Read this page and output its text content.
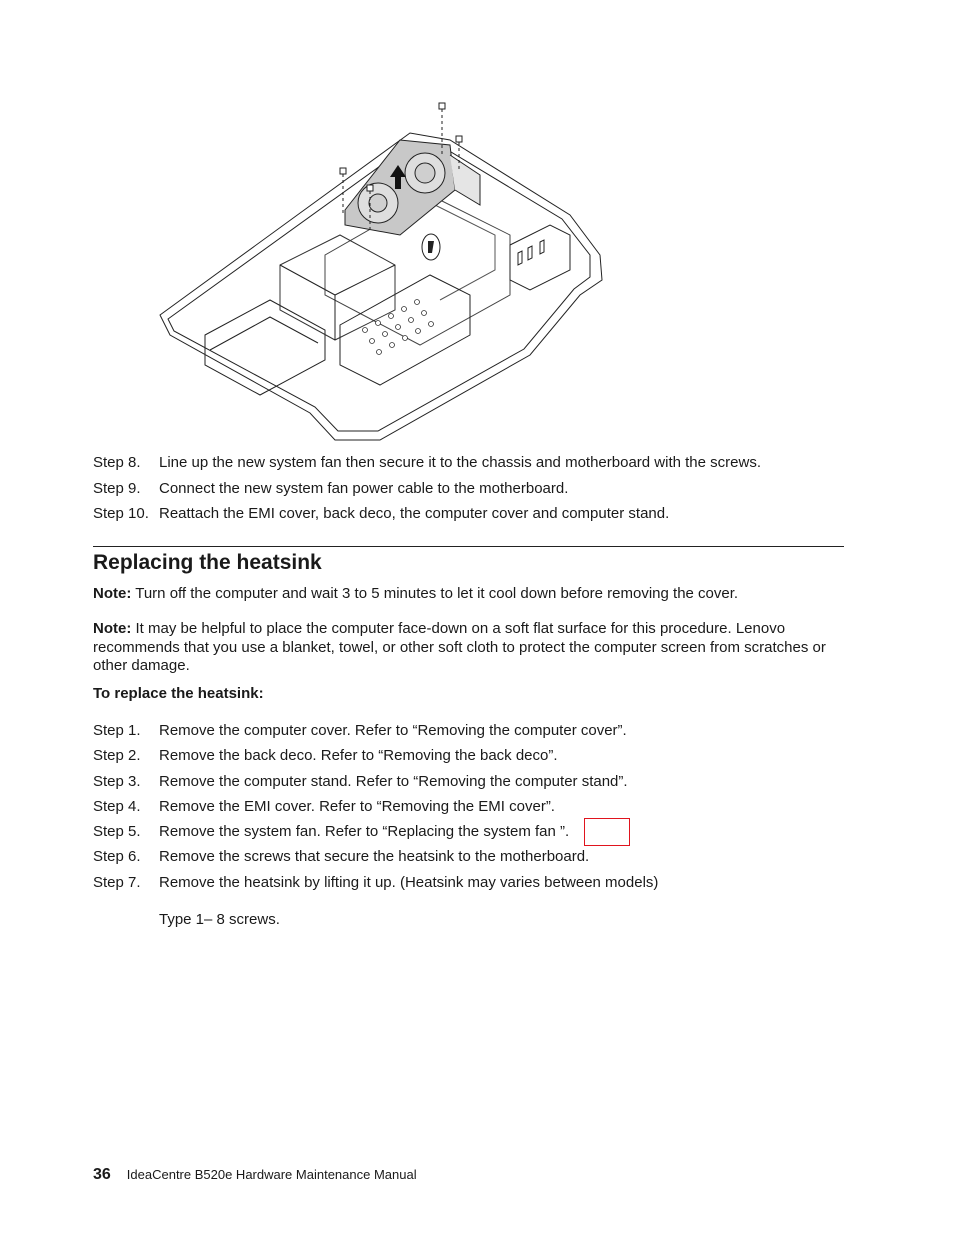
Step 8. Line up the new system fan then secure it to the chassis and motherboard with the screws.
Step 9. Connect the new system fan power cable to the motherboard.
Step 10. Reattach the EMI cover, back deco, the computer cover and computer stand.
Replacing the heatsink
Note: Turn off the computer and wait 3 to 5 minutes to let it cool down before removing the cover.
Note: It may be helpful to place the computer face-down on a soft flat surface for this procedure. Lenovo recommends that you use a blanket, towel, or other soft cloth to protect the computer screen from scratches or other damage.
To replace the heatsink:
Step 1. Remove the computer cover. Refer to “Removing the computer cover”.
Step 2. Remove the back deco. Refer to “Removing the back deco”.
Step 3. Remove the computer stand. Refer to “Removing the computer stand”.
Step 4. Remove the EMI cover. Refer to “Removing the EMI cover”.
Step 5. Remove the system fan. Refer to “Replacing the system fan ”.
Step 6. Remove the screws that secure the heatsink to the motherboard.
Step 7. Remove the heatsink by lifting it up. (Heatsink may varies between models)
Type 1– 8 screws.
36 IdeaCentre B520e Hardware Maintenance Manual
